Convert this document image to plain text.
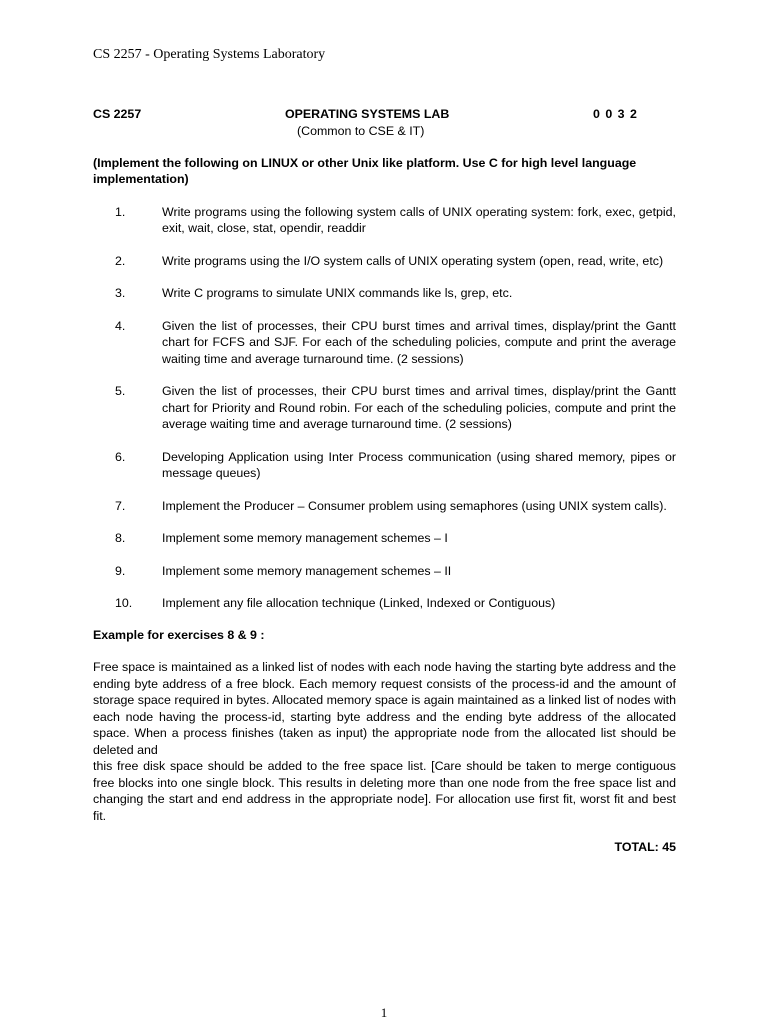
CS 2257 - Operating Systems Laboratory
CS 2257	OPERATING SYSTEMS LAB	0 0 3 2
(Common to CSE & IT)
(Implement the following on LINUX or other Unix like platform. Use C for high level language implementation)
1.	Write programs using the following system calls of UNIX operating system: fork, exec, getpid, exit, wait, close, stat, opendir, readdir
2.	Write programs using the I/O system calls of UNIX operating system (open, read, write, etc)
3.	Write C programs to simulate UNIX commands like ls, grep, etc.
4.	Given the list of processes, their CPU burst times and arrival times, display/print the Gantt chart for FCFS and SJF. For each of the scheduling policies, compute and print the average waiting time and average turnaround time. (2 sessions)
5.	Given the list of processes, their CPU burst times and arrival times, display/print the Gantt chart for Priority and Round robin. For each of the scheduling policies, compute and print the average waiting time and average turnaround time. (2 sessions)
6.	Developing Application using Inter Process communication (using shared memory, pipes or message queues)
7.	Implement the Producer – Consumer problem using semaphores (using UNIX system calls).
8.	Implement some memory management schemes – I
9.	Implement some memory management schemes – II
10. Implement any file allocation technique (Linked, Indexed or Contiguous)
Example for exercises 8 & 9 :

Free space is maintained as a linked list of nodes with each node having the starting byte address and the ending byte address of a free block. Each memory request consists of the process-id and the amount of storage space required in bytes. Allocated memory space is again maintained as a linked list of nodes with each node having the process-id, starting byte address and the ending byte address of the allocated space. When a process finishes (taken as input) the appropriate node from the allocated list should be deleted and

this free disk space should be added to the free space list. [Care should be taken to merge contiguous free blocks into one single block. This results in deleting more than one node from the free space list and changing the start and end address in the appropriate node]. For allocation use first fit, worst fit and best fit.

TOTAL: 45
1
